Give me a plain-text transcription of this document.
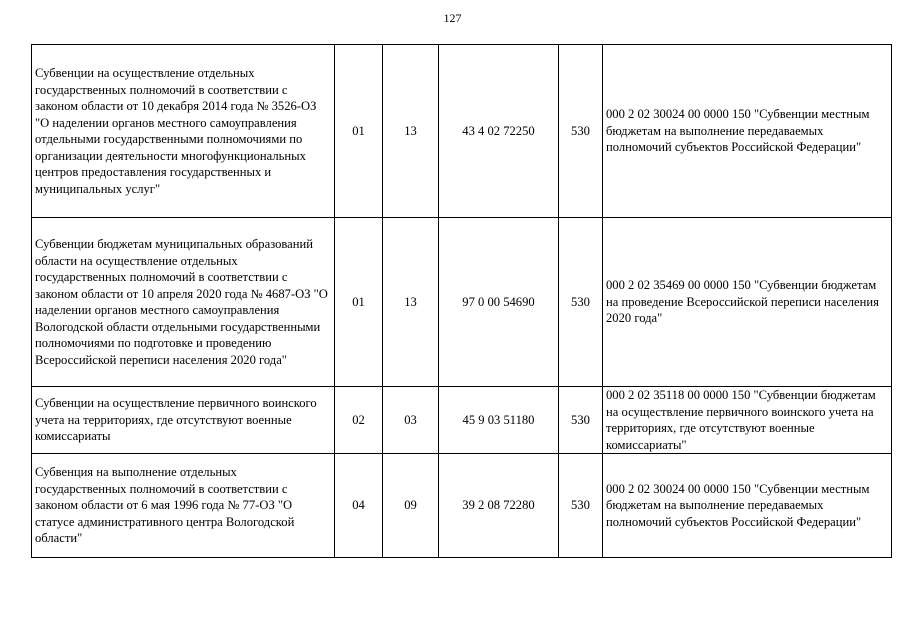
127
Субвенции на осуществление отдельных государственных полномочий в соответствии с законом области от 10 декабря 2014 года № 3526-ОЗ "О наделении органов местного самоуправления отдельными государственными полномочиями по организации деятельности многофункциональных центров предоставления государственных и муниципальных услуг"	01	13	43 4 02 72250	530	000 2 02 30024 00 0000 150 "Субвенции местным бюджетам на выполнение передаваемых полномочий субъектов Российской Федерации"
Субвенции бюджетам муниципальных образований области на осуществление отдельных государственных полномочий в соответствии с законом области от 10 апреля 2020 года № 4687-ОЗ "О наделении органов местного самоуправления Вологодской области отдельными государственными полномочиями по подготовке и проведению Всероссийской переписи населения 2020 года"	01	13	97 0 00 54690	530	000 2 02 35469 00 0000 150 "Субвенции бюджетам на проведение Всероссийской переписи населения 2020 года"
Субвенции на осуществление первичного воинского учета на территориях, где отсутствуют военные комиссариаты	02	03	45 9 03 51180	530	000 2 02 35118 00 0000 150 "Субвенции бюджетам на осуществление первичного воинского учета на территориях, где отсутствуют военные комиссариаты"
Субвенция на выполнение отдельных государственных полномочий в соответствии с законом области от 6 мая 1996 года № 77-ОЗ "О статусе административного центра Вологодской области"	04	09	39 2 08 72280	530	000 2 02 30024 00 0000 150 "Субвенции местным бюджетам на выполнение передаваемых полномочий субъектов Российской Федерации"
